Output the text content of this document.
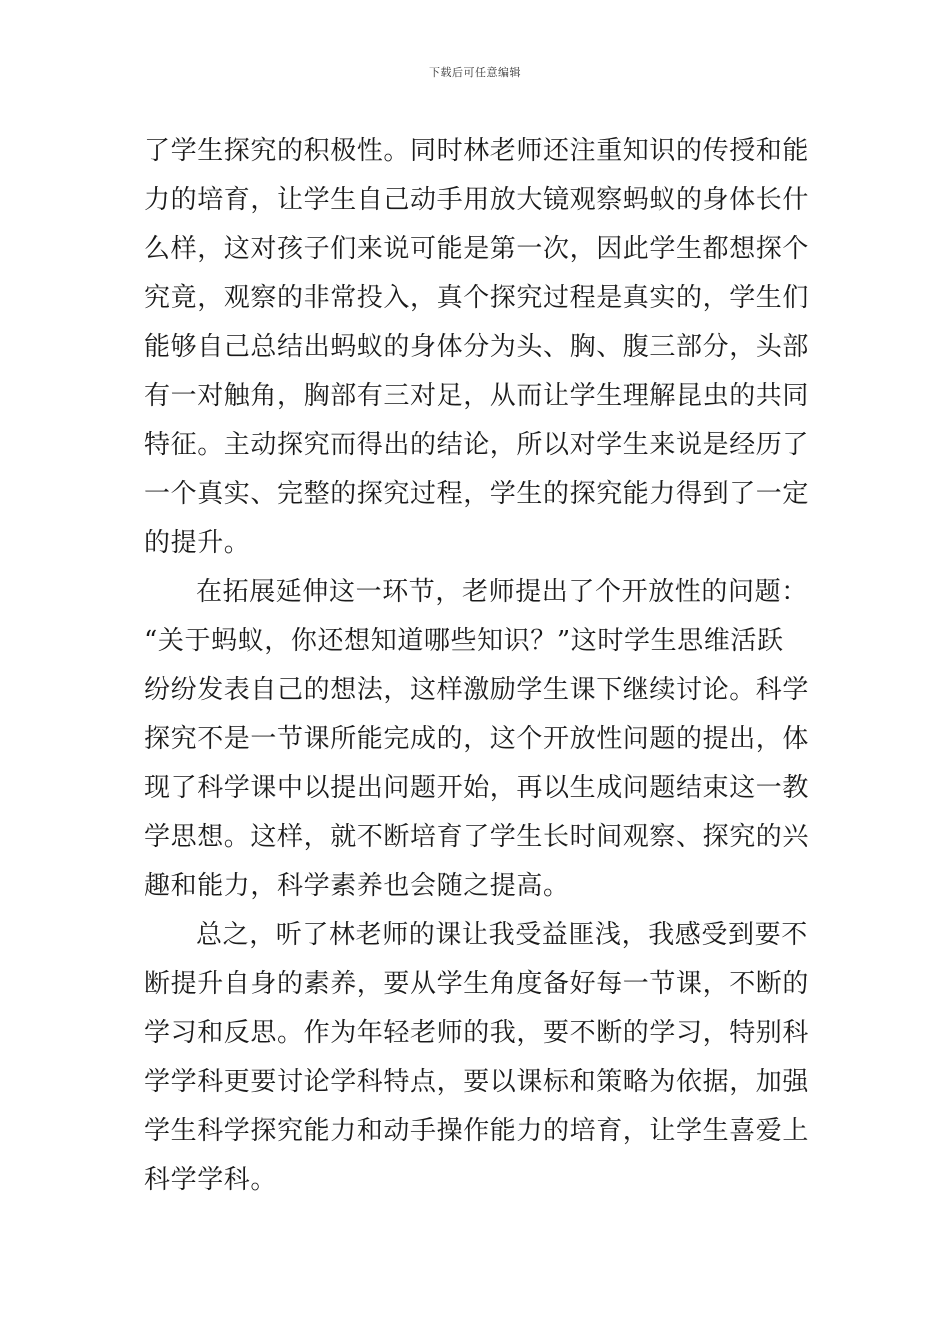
下载后可任意编辑
了学生探究的积极性。同时林老师还注重知识的传授和能
力的培育，让学生自己动手用放大镜观察蚂蚁的身体长什
么样，这对孩子们来说可能是第一次，因此学生都想探个
究竟，观察的非常投入，真个探究过程是真实的，学生们
能够自己总结出蚂蚁的身体分为头、胸、腹三部分，头部
有一对触角，胸部有三对足，从而让学生理解昆虫的共同
特征。主动探究而得出的结论，所以对学生来说是经历了
一个真实、完整的探究过程，学生的探究能力得到了一定
的提升。
在拓展延伸这一环节，老师提出了个开放性的问题：
“关于蚂蚁，你还想知道哪些知识？”这时学生思维活跃
纷纷发表自己的想法，这样激励学生课下继续讨论。科学
探究不是一节课所能完成的，这个开放性问题的提出，体
现了科学课中以提出问题开始，再以生成问题结束这一教
学思想。这样，就不断培育了学生长时间观察、探究的兴
趣和能力，科学素养也会随之提高。
总之，听了林老师的课让我受益匪浅，我感受到要不
断提升自身的素养，要从学生角度备好每一节课，不断的
学习和反思。作为年轻老师的我，要不断的学习，特别科
学学科更要讨论学科特点，要以课标和策略为依据，加强
学生科学探究能力和动手操作能力的培育，让学生喜爱上
科学学科。
